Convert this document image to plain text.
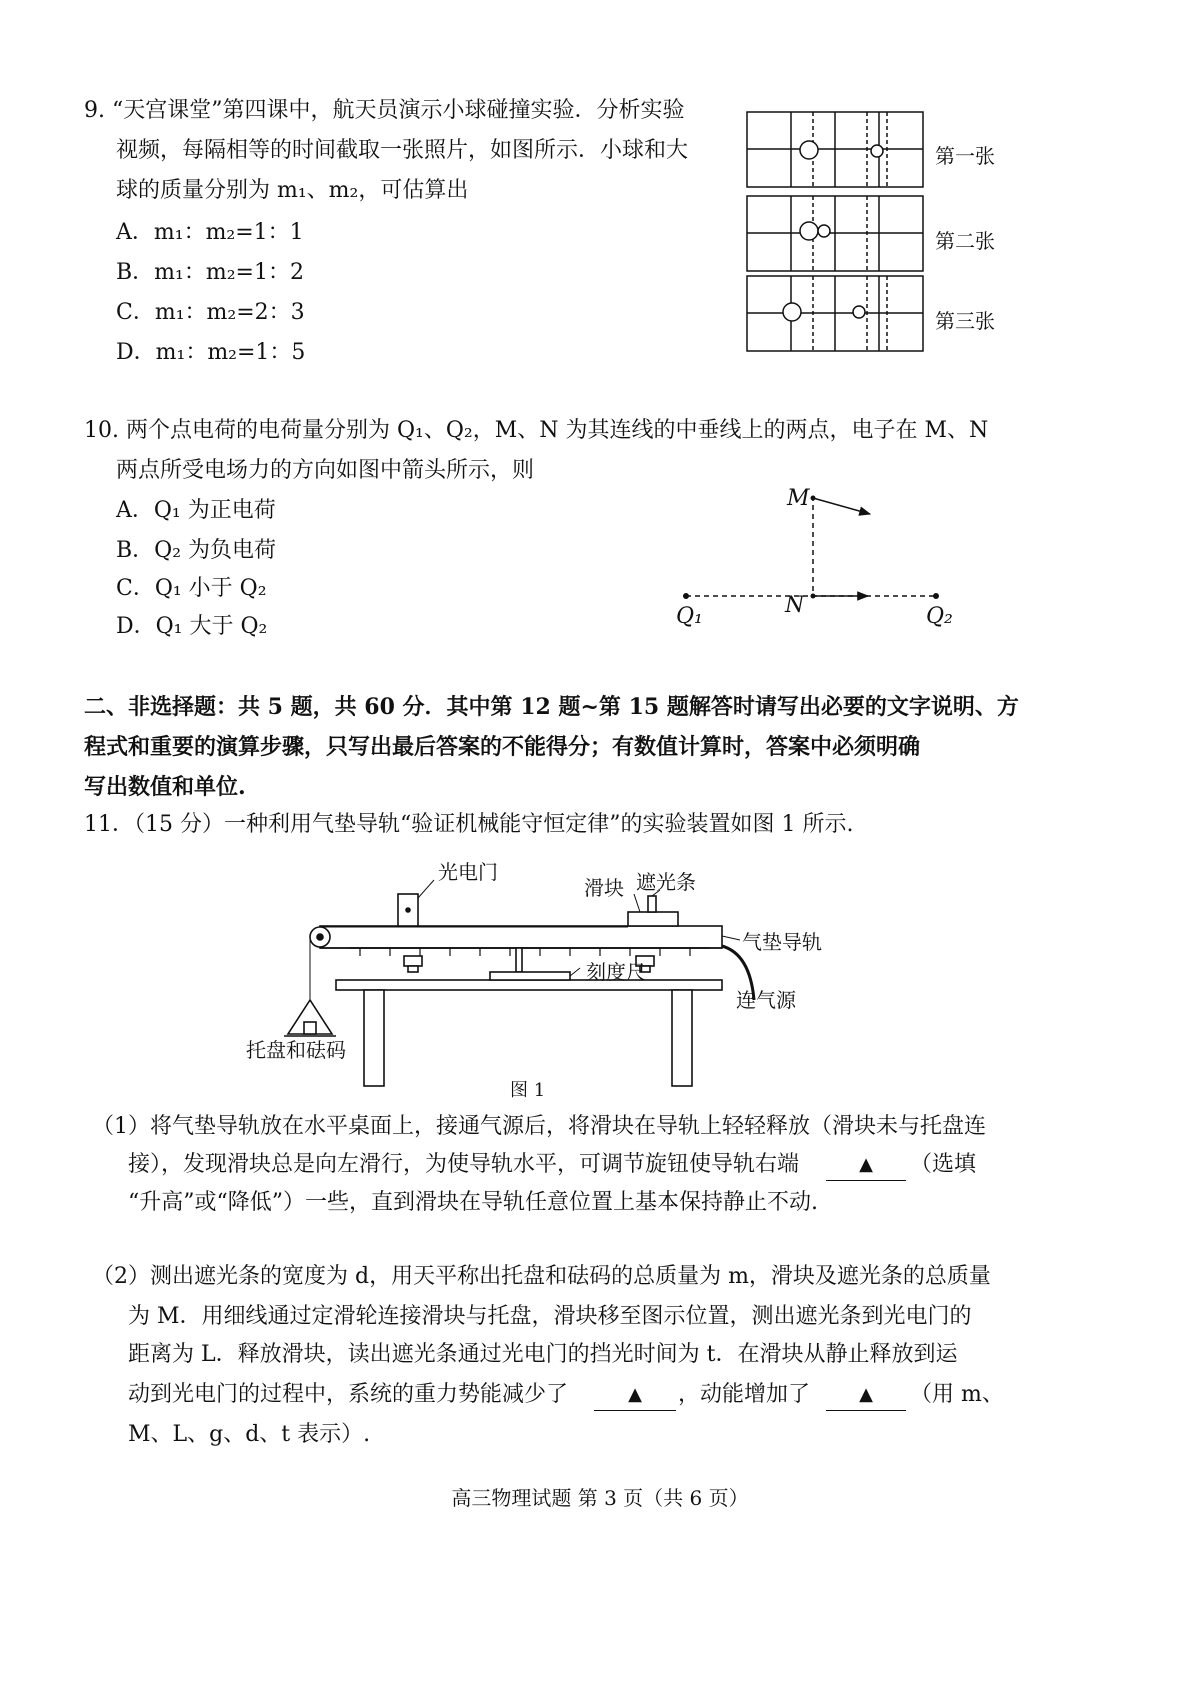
9. “天宫课堂”第四课中，航天员演示小球碰撞实验．分析实验
视频，每隔相等的时间截取一张照片，如图所示．小球和大
球的质量分别为 m₁、m₂，可估算出
A．m₁：m₂=1：1
B．m₁：m₂=1：2
C．m₁：m₂=2：3
D．m₁：m₂=1：5
第一张
第二张
第三张
10. 两个点电荷的电荷量分别为 Q₁、Q₂，M、N 为其连线的中垂线上的两点，电子在 M、N
两点所受电场力的方向如图中箭头所示，则
A．Q₁ 为正电荷
B．Q₂ 为负电荷
C．Q₁ 小于 Q₂
D．Q₁ 大于 Q₂
M
N
Q₁	Q₂
二、非选择题：共 5 题，共 60 分．其中第 12 题~第 15 题解答时请写出必要的文字说明、方
程式和重要的演算步骤，只写出最后答案的不能得分；有数值计算时，答案中必须明确
写出数值和单位.
11．（15 分）一种利用气垫导轨“验证机械能守恒定律”的实验装置如图 1 所示.
光电门
滑块 遮光条
气垫导轨
刻度尺
连气源
托盘和砝码
图 1
（1）将气垫导轨放在水平桌面上，接通气源后，将滑块在导轨上轻轻释放（滑块未与托盘连
接），发现滑块总是向左滑行，为使导轨水平，可调节旋钮使导轨右端	▲	（选填
“升高”或“降低”）一些，直到滑块在导轨任意位置上基本保持静止不动.
（2）测出遮光条的宽度为 d，用天平称出托盘和砝码的总质量为 m，滑块及遮光条的总质量
为 M．用细线通过定滑轮连接滑块与托盘，滑块移至图示位置，测出遮光条到光电门的
距离为 L．释放滑块，读出遮光条通过光电门的挡光时间为 t．在滑块从静止释放到运
动到光电门的过程中，系统的重力势能减少了	▲	，动能增加了	▲	（用 m、
M、L、g、d、t 表示）.
高三物理试题 第 3 页（共 6 页）
